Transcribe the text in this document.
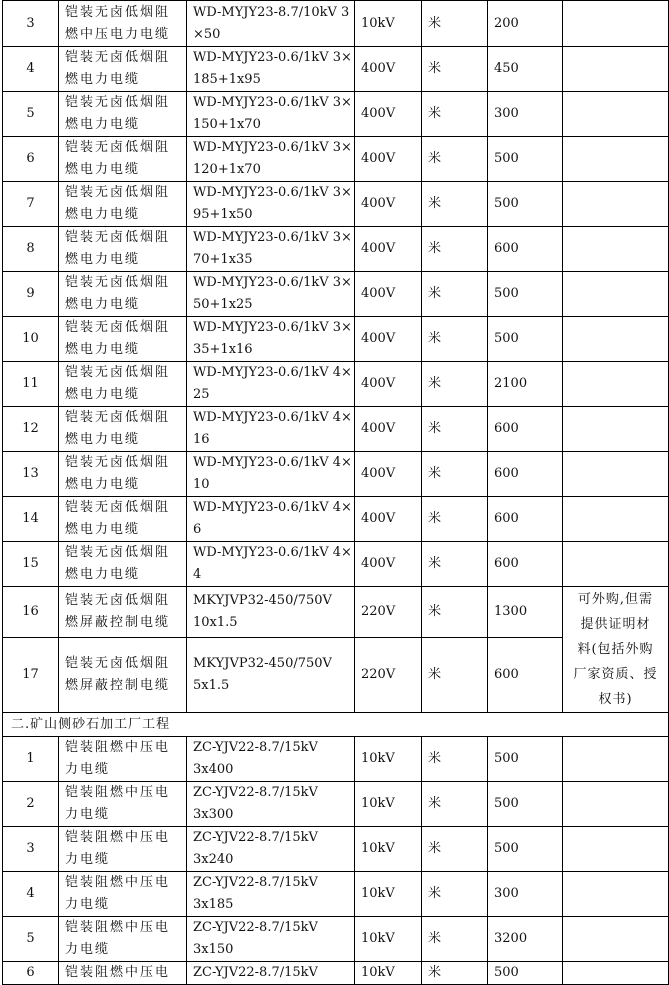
3	铠装无卤低烟阻
燃中压电力电缆	WD-MYJY23-8.7/10kV 3
×50	10kV	米	200	
4	铠装无卤低烟阻
燃电力电缆	WD-MYJY23-0.6/1kV 3×
185+1x95	400V	米	450	
5	铠装无卤低烟阻
燃电力电缆	WD-MYJY23-0.6/1kV 3×
150+1x70	400V	米	300	
6	铠装无卤低烟阻
燃电力电缆	WD-MYJY23-0.6/1kV 3×
120+1x70	400V	米	500	
7	铠装无卤低烟阻
燃电力电缆	WD-MYJY23-0.6/1kV 3×
95+1x50	400V	米	500	
8	铠装无卤低烟阻
燃电力电缆	WD-MYJY23-0.6/1kV 3×
70+1x35	400V	米	600	
9	铠装无卤低烟阻
燃电力电缆	WD-MYJY23-0.6/1kV 3×
50+1x25	400V	米	500	
10	铠装无卤低烟阻
燃电力电缆	WD-MYJY23-0.6/1kV 3×
35+1x16	400V	米	500	
11	铠装无卤低烟阻
燃电力电缆	WD-MYJY23-0.6/1kV 4×
25	400V	米	2100	
12	铠装无卤低烟阻
燃电力电缆	WD-MYJY23-0.6/1kV 4×
16	400V	米	600	
13	铠装无卤低烟阻
燃电力电缆	WD-MYJY23-0.6/1kV 4×
10	400V	米	600	
14	铠装无卤低烟阻
燃电力电缆	WD-MYJY23-0.6/1kV 4×
6	400V	米	600	
15	铠装无卤低烟阻
燃电力电缆	WD-MYJY23-0.6/1kV 4×
4	400V	米	600	
16	铠装无卤低烟阻
燃屏蔽控制电缆	MKYJVP32-450/750V
10x1.5	220V	米	1300	可外购,但需
提供证明材
料(包括外购
厂家资质、授
权书)
17	铠装无卤低烟阻
燃屏蔽控制电缆	MKYJVP32-450/750V
5x1.5	220V	米	600	
二.矿山侧砂石加工厂工程						
1	铠装阻燃中压电
力电缆	ZC-YJV22-8.7/15kV
3x400	10kV	米	500	
2	铠装阻燃中压电
力电缆	ZC-YJV22-8.7/15kV
3x300	10kV	米	500	
3	铠装阻燃中压电
力电缆	ZC-YJV22-8.7/15kV
3x240	10kV	米	500	
4	铠装阻燃中压电
力电缆	ZC-YJV22-8.7/15kV
3x185	10kV	米	300	
5	铠装阻燃中压电
力电缆	ZC-YJV22-8.7/15kV
3x150	10kV	米	3200	
6	铠装阻燃中压电	ZC-YJV22-8.7/15kV	10kV	米	500	
